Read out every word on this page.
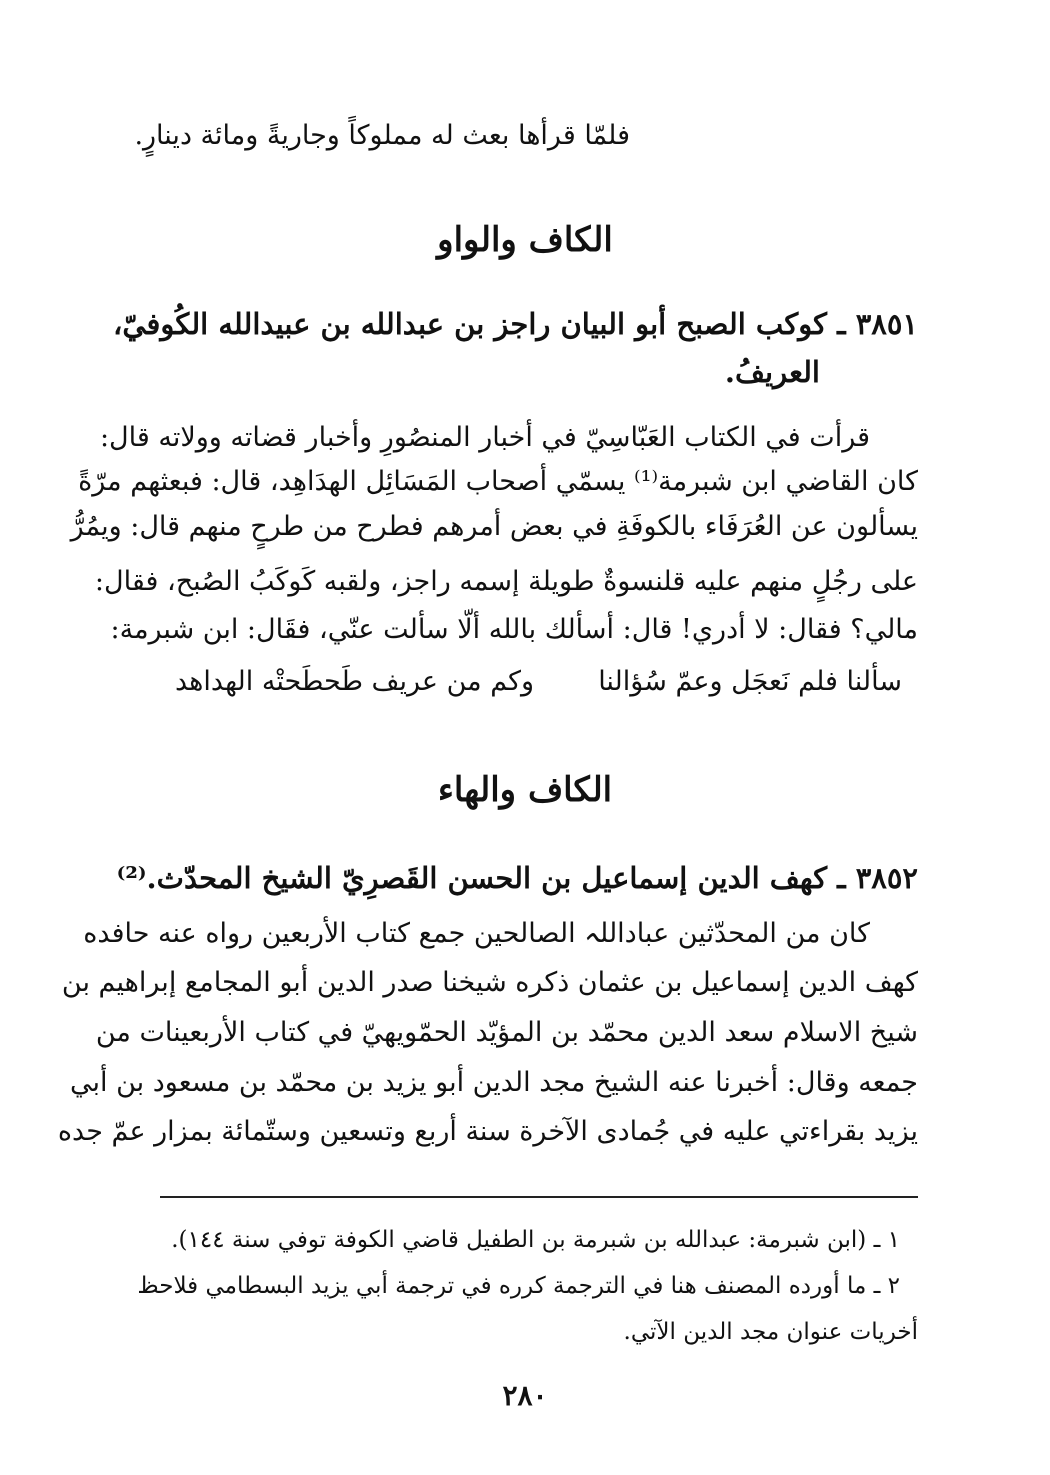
فلمّا قرأها بعث له مملوكاً وجاريةً ومائة دينارٍ.
الكاف والواو
٣٨٥١ ـ كوكب الصبح أبو البيان راجز بن عبدالله بن عبيدالله الكُوفيّ،
العريفُ.
قرأت في الكتاب العَبّاسِيّ في أخبار المنصُورِ وأخبار قضاته وولاته قال:
كان القاضي ابن شبرمة⁽¹⁾ يسمّي أصحاب المَسَائِل الهدَاهِد، قال: فبعثهم مرّةً
يسألون عن العُرَفَاء بالكوفَةِ في بعض أمرهم فطرح من طرحٍ منهم قال: ويمُرُّ
على رجُلٍ منهم عليه قلنسوةٌ طويلة إسمه راجز، ولقبه كَوكَبُ الصُبح، فقال:
مالي؟ فقال: لا أدري! قال: أسألك بالله ألّا سألت عنّي، فقَال: ابن شبرمة:
سألنا فلم نَعجَل وعمّ سُؤالنا
وكم من عريف طَحطَحتْه الهداهد
الكاف والهاء
٣٨٥٢ ـ كهف الدين إسماعيل بن الحسن القَصرِيّ الشيخ المحدّث.⁽²⁾
كان من المحدّثين عباداللہ الصالحين جمع كتاب الأربعين رواه عنه حافده
كهف الدين إسماعيل بن عثمان ذكره شيخنا صدر الدين أبو المجامع إبراهيم بن
شيخ الاسلام سعد الدين محمّد بن المؤيّد الحمّويهيّ في كتاب الأربعينات من
جمعه وقال: أخبرنا عنه الشيخ مجد الدين أبو يزيد بن محمّد بن مسعود بن أبي
يزيد بقراءتي عليه في جُمادى الآخرة سنة أربع وتسعين وستّمائة بمزار عمّ جده
١ ـ (ابن شبرمة: عبدالله بن شبرمة بن الطفيل قاضي الكوفة توفي سنة ١٤٤).
٢ ـ ما أورده المصنف هنا في الترجمة كرره في ترجمة أبي يزيد البسطامي فلاحظ
أخريات عنوان مجد الدين الآتي.
٢٨٠
